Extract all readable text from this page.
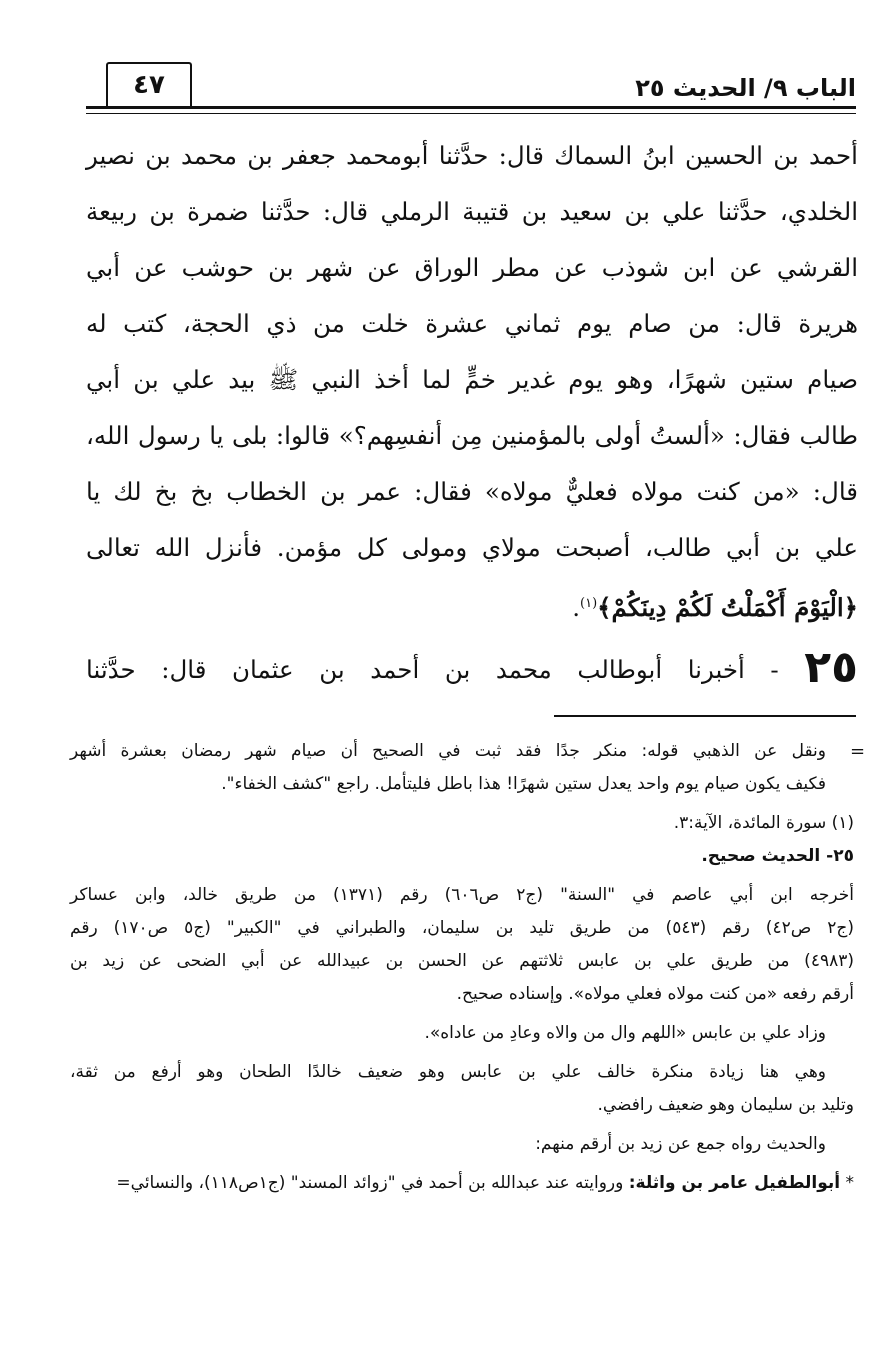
الباب ٩/ الحديث ٢٥
٤٧
أحمد بن الحسين ابنُ السماك قال: حدَّثنا أبومحمد جعفر بن محمد بن نصير
الخلدي، حدَّثنا علي بن سعيد بن قتيبة الرملي قال: حدَّثنا ضمرة بن ربيعة
القرشي عن ابن شوذب عن مطر الوراق عن شهر بن حوشب عن أبي
هريرة قال: من صام يوم ثماني عشرة خلت من ذي الحجة، كتب له
صيام ستين شهرًا، وهو يوم غدير خمٍّ لما أخذ النبي ﷺ بيد علي بن أبي
طالب فقال: «ألستُ أولى بالمؤمنين مِن أنفسِهم؟» قالوا: بلى يا رسول الله،
قال: «من كنت مولاه فعليٌّ مولاه» فقال: عمر بن الخطاب بخ بخ لك يا
علي بن أبي طالب، أصبحت مولاي ومولى كل مؤمن. فأنزل الله تعالى
﴿الْيَوْمَ أَكْمَلْتُ لَكُمْ دِينَكُمْ﴾$^{(١)}$.
٢٥ - أخبرنا أبوطالب محمد بن أحمد بن عثمان قال: حدَّثنا
=
ونقل عن الذهبي قوله: منكر جدًا فقد ثبت في الصحيح أن صيام شهر رمضان بعشرة أشهر
فكيف يكون صيام يوم واحد يعدل ستين شهرًا! هذا باطل فليتأمل. راجع "كشف الخفاء".
(١) سورة المائدة، الآية:٣.
٢٥- الحديث صحيح.
أخرجه ابن أبي عاصم في "السنة" (ج٢ ص٦٠٦) رقم (١٣٧١) من طريق خالد، وابن عساكر
(ج٢ ص٤٢) رقم (٥٤٣) من طريق تليد بن سليمان، والطبراني في "الكبير" (ج٥ ص١٧٠) رقم
(٤٩٨٣) من طريق علي بن عابس ثلاثتهم عن الحسن بن عبيدالله عن أبي الضحى عن زيد بن
أرقم رفعه «من كنت مولاه فعلي مولاه». وإسناده صحيح.
وزاد علي بن عابس «اللهم وال من والاه وعادِ من عاداه».
وهي هنا زيادة منكرة خالف علي بن عابس وهو ضعيف خالدًا الطحان وهو أرفع من ثقة،
وتليد بن سليمان وهو ضعيف رافضي.
والحديث رواه جمع عن زيد بن أرقم منهم:
* أبوالطفيل عامر بن واثلة: وروايته عند عبدالله بن أحمد في "زوائد المسند" (ج١ص١١٨)، والنسائي=
